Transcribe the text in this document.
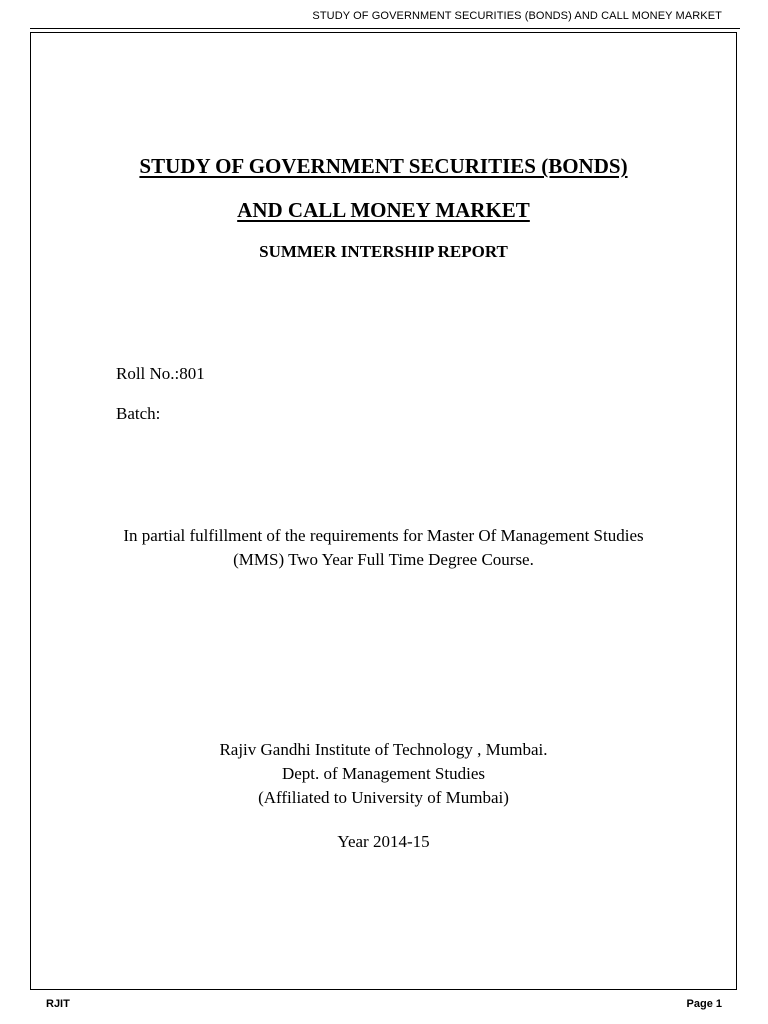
STUDY OF GOVERNMENT SECURITIES (BONDS) AND CALL MONEY MARKET
STUDY OF GOVERNMENT SECURITIES (BONDS)
AND CALL MONEY MARKET
SUMMER INTERSHIP REPORT
Roll No.:801
Batch:
In partial fulfillment of the requirements for Master Of Management Studies
(MMS) Two Year Full Time Degree Course.
Rajiv Gandhi Institute of Technology , Mumbai.
Dept. of Management Studies
(Affiliated to University of Mumbai)
Year 2014-15
RJIT	Page 1
